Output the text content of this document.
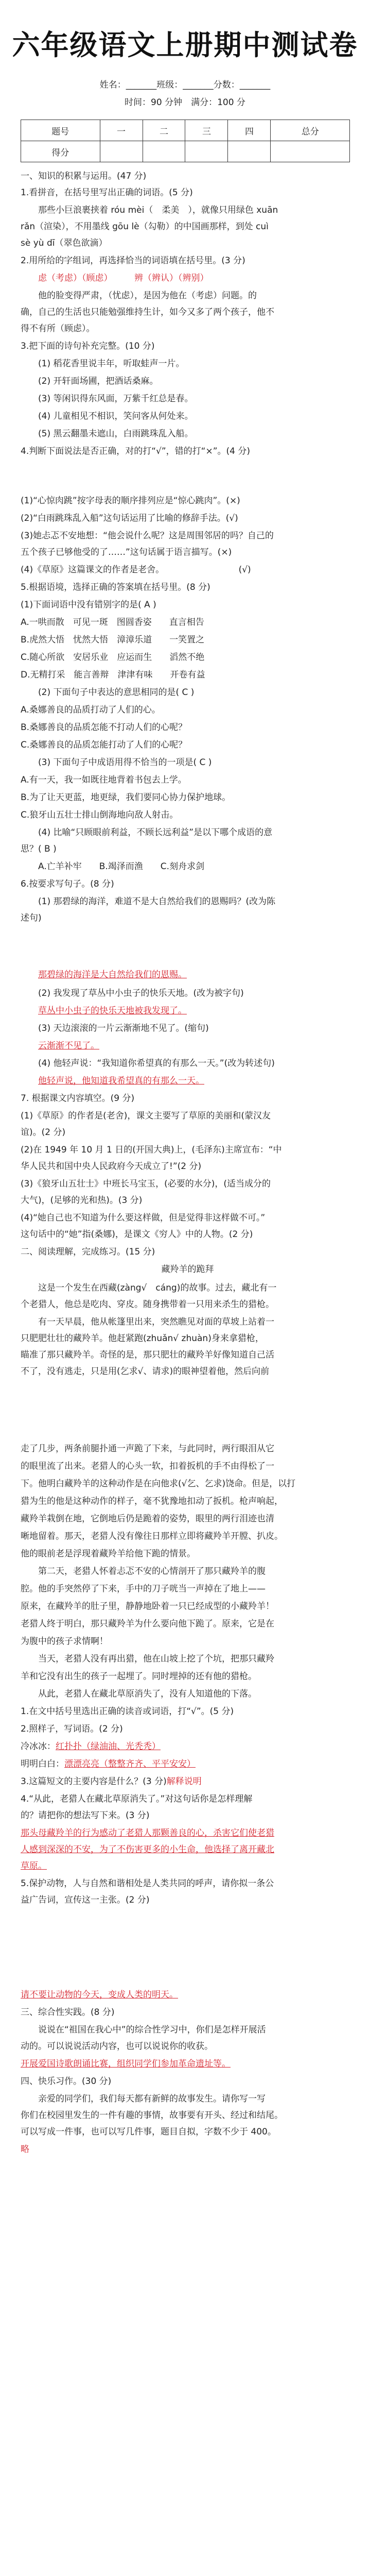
六年级语文上册期中测试卷
姓名：_______班级：_______分数：_______
时间：90 分钟　满分：100 分
题号	一	二	三	四	总分
得分					
一、知识的积累与运用。(47 分)
1.看拼音，在括号里写出正确的词语。(5 分)
那些小巨浪裹挟着 róu mèi（　柔美　），就像只用绿色 xuān
rǎn（渲染），不用墨线 gōu lè（勾勒）的中国画那样，到处 cuì
sè yù dī（翠色欲滴）
2.用所给的字组词，再选择恰当的词语填在括号里。(3 分)
虑（考虑）（顾虑）　　　辨（辨认）（辨别）
他的脸变得严肃，（忧虑），是因为他在（考虑）问题。的
确，自己的生活也只能勉强维持生计，如今又多了两个孩子，他不
得不有所（顾虑）。
3.把下面的诗句补充完整。(10 分)
(1) 稻花香里说丰年，听取蛙声一片。
(2) 开轩面场圃，把酒话桑麻。
(3) 等闲识得东风面，万紫千红总是春。
(4) 儿童相见不相识，笑问客从何处来。
(5) 黑云翻墨未遮山，白雨跳珠乱入船。
4.判断下面说法是否正确，对的打“√”，错的打“×”。(4 分)
(1)“心惊肉跳”按字母表的顺序排列应是“惊心跳肉”。(×)
(2)“白雨跳珠乱入船”这句话运用了比喻的修辞手法。(√)
(3)她忐忑不安地想：“他会说什么呢？这是周围邻居的吗？自己的
五个孩子已够他受的了……”这句话属于语言描写。(×)
(4)《草原》这篇课文的作者是老舍。　　　　　　　　　(√)
5.根据语境，选择正确的答案填在括号里。(8 分)
(1)下面词语中没有错别字的是( A )
A.一哄而散　可见一斑　图圆香姿　　直言相告
B.虎然大悟　忧然大悟　漳漳乐道　　一笑置之
C.随心所欲　安居乐业　应运而生　　滔然不绝
D.无精打采　能言善辩　津津有味　　开卷有益
(2) 下面句子中表达的意思相同的是( C )
A.桑娜善良的品质打动了人们的心。
B.桑娜善良的品质怎能不打动人们的心呢？
C.桑娜善良的品质怎能打动了人们的心呢？
(3) 下面句子中成语用得不恰当的一项是( C )
A.有一天，我一如既往地背着书包去上学。
B.为了让天更蓝，地更绿，我们要同心协力保护地球。
C.狼牙山五壮士排山倒海地向敌人射击。
(4) 比喻“只顾眼前利益，不顾长远利益”是以下哪个成语的意
思？( B )
A.亡羊补牢　　B.竭泽而渔　　C.刻舟求剑
6.按要求写句子。(8 分)
(1) 那碧绿的海洋，难道不是大自然给我们的恩赐吗？(改为陈
述句)
那碧绿的海洋是大自然给我们的恩赐。
(2) 我发现了草丛中小虫子的快乐天地。(改为被字句)
草丛中小虫子的快乐天地被我发现了。
(3) 天边滚滚的一片云渐渐地不见了。(缩句)
云渐渐不见了。
(4) 他轻声说：“我知道你希望真的有那么一天。”(改为转述句)
他轻声说，他知道我希望真的有那么一天。
7. 根据课文内容填空。(9 分)
(1)《草原》的作者是(老舍)，课文主要写了草原的美丽和(蒙汉友
谊)。(2 分)
(2)在 1949 年 10 月 1 日的(开国大典)上，(毛泽东)主席宣布：“中
华人民共和国中央人民政府今天成立了!”(2 分)
(3)《狼牙山五壮士》中班长马宝玉，(必要的水分)，(适当成分的
大气)，(足够的光和热)。(3 分)
(4)“她自己也不知道为什么要这样做，但是觉得非这样做不可。”
这句话中的“她”指(桑娜)，是课文《穷人》中的人物。(2 分)
二、阅读理解，完成练习。(15 分)
藏羚羊的跪拜
这是一个发生在西藏(zàng√　cáng)的故事。过去，藏北有一
个老猎人，他总是吃肉、穿皮。随身携带着一只用来杀生的猎枪。
有一天早晨，他从帐篷里出来，突然瞧见对面的草坡上站着一
只肥肥壮壮的藏羚羊。他赶紧跑(zhuǎn√ zhuàn)身来拿猎枪，
瞄准了那只藏羚羊。奇怪的是，那只肥壮的藏羚羊好像知道自己活
不了，没有逃走，只是用(乞求√、请求)的眼神望着他，然后向前
走了几步，两条前腿扑通一声跪了下来，与此同时，两行眼泪从它
的眼里流了出来。老猎人的心头一软，扣着扳机的手不由得松了一
下。他明白藏羚羊的这种动作是在向他求(√乞、乞求)饶命。但是，以打
猎为生的他是这种动作的样子，毫不犹豫地扣动了扳机。枪声响起，
藏羚羊栽倒在地，它倒地后仍是跪着的姿势，眼里的两行泪迹也清
晰地留着。那天，老猎人没有像往日那样立即将藏羚羊开膛、扒皮。
他的眼前老是浮现着藏羚羊给他下跪的情景。
第二天，老猎人怀着忐忑不安的心情剖开了那只藏羚羊的腹
腔。他的手突然停了下来，手中的刀子咣当一声掉在了地上——
原来，在藏羚羊的肚子里，静静地卧着一只已经成型的小藏羚羊！
老猎人终于明白，那只藏羚羊为什么要向他下跪了。原来，它是在
为腹中的孩子求情啊！
当天，老猎人没有再出猎，他在山坡上挖了个坑，把那只藏羚
羊和它没有出生的孩子一起埋了。同时埋掉的还有他的猎枪。
从此，老猎人在藏北草原消失了，没有人知道他的下落。
1.在文中括号里选出正确的读音或词语，打“√”。(5 分)
2.照样子，写词语。(2 分)
冷冰冰：红扑扑（绿油油、光秃秃）
明明白白：漂漂亮亮（整整齐齐、平平安安）
3.这篇短文的主要内容是什么？(3 分)解释说明
4.“从此，老猎人在藏北草原消失了。”对这句话你是怎样理解
的？请把你的想法写下来。(3 分)
那头母藏羚羊的行为感动了老猎人那颗善良的心，杀害它们使老猎
人感到深深的不安，为了不伤害更多的小生命，他选择了离开藏北
草原。
5.保护动物，人与自然和谐相处是人类共同的呼声，请你拟一条公
益广告词，宣传这一主张。(2 分)
请不要让动物的今天，变成人类的明天。
三、综合性实践。(8 分)
说说在“祖国在我心中”的综合性学习中，你们是怎样开展活
动的。可以说说活动内容，也可以说说你的收获。
开展爱国诗歌朗诵比赛，组织同学们参加革命遗址等。
四、快乐习作。(30 分)
亲爱的同学们，我们每天都有新鲜的故事发生。请你写一写
你们在校园里发生的一件有趣的事情，故事要有开头、经过和结尾。
可以写成一件事，也可以写几件事，题目自拟，字数不少于 400。
略
